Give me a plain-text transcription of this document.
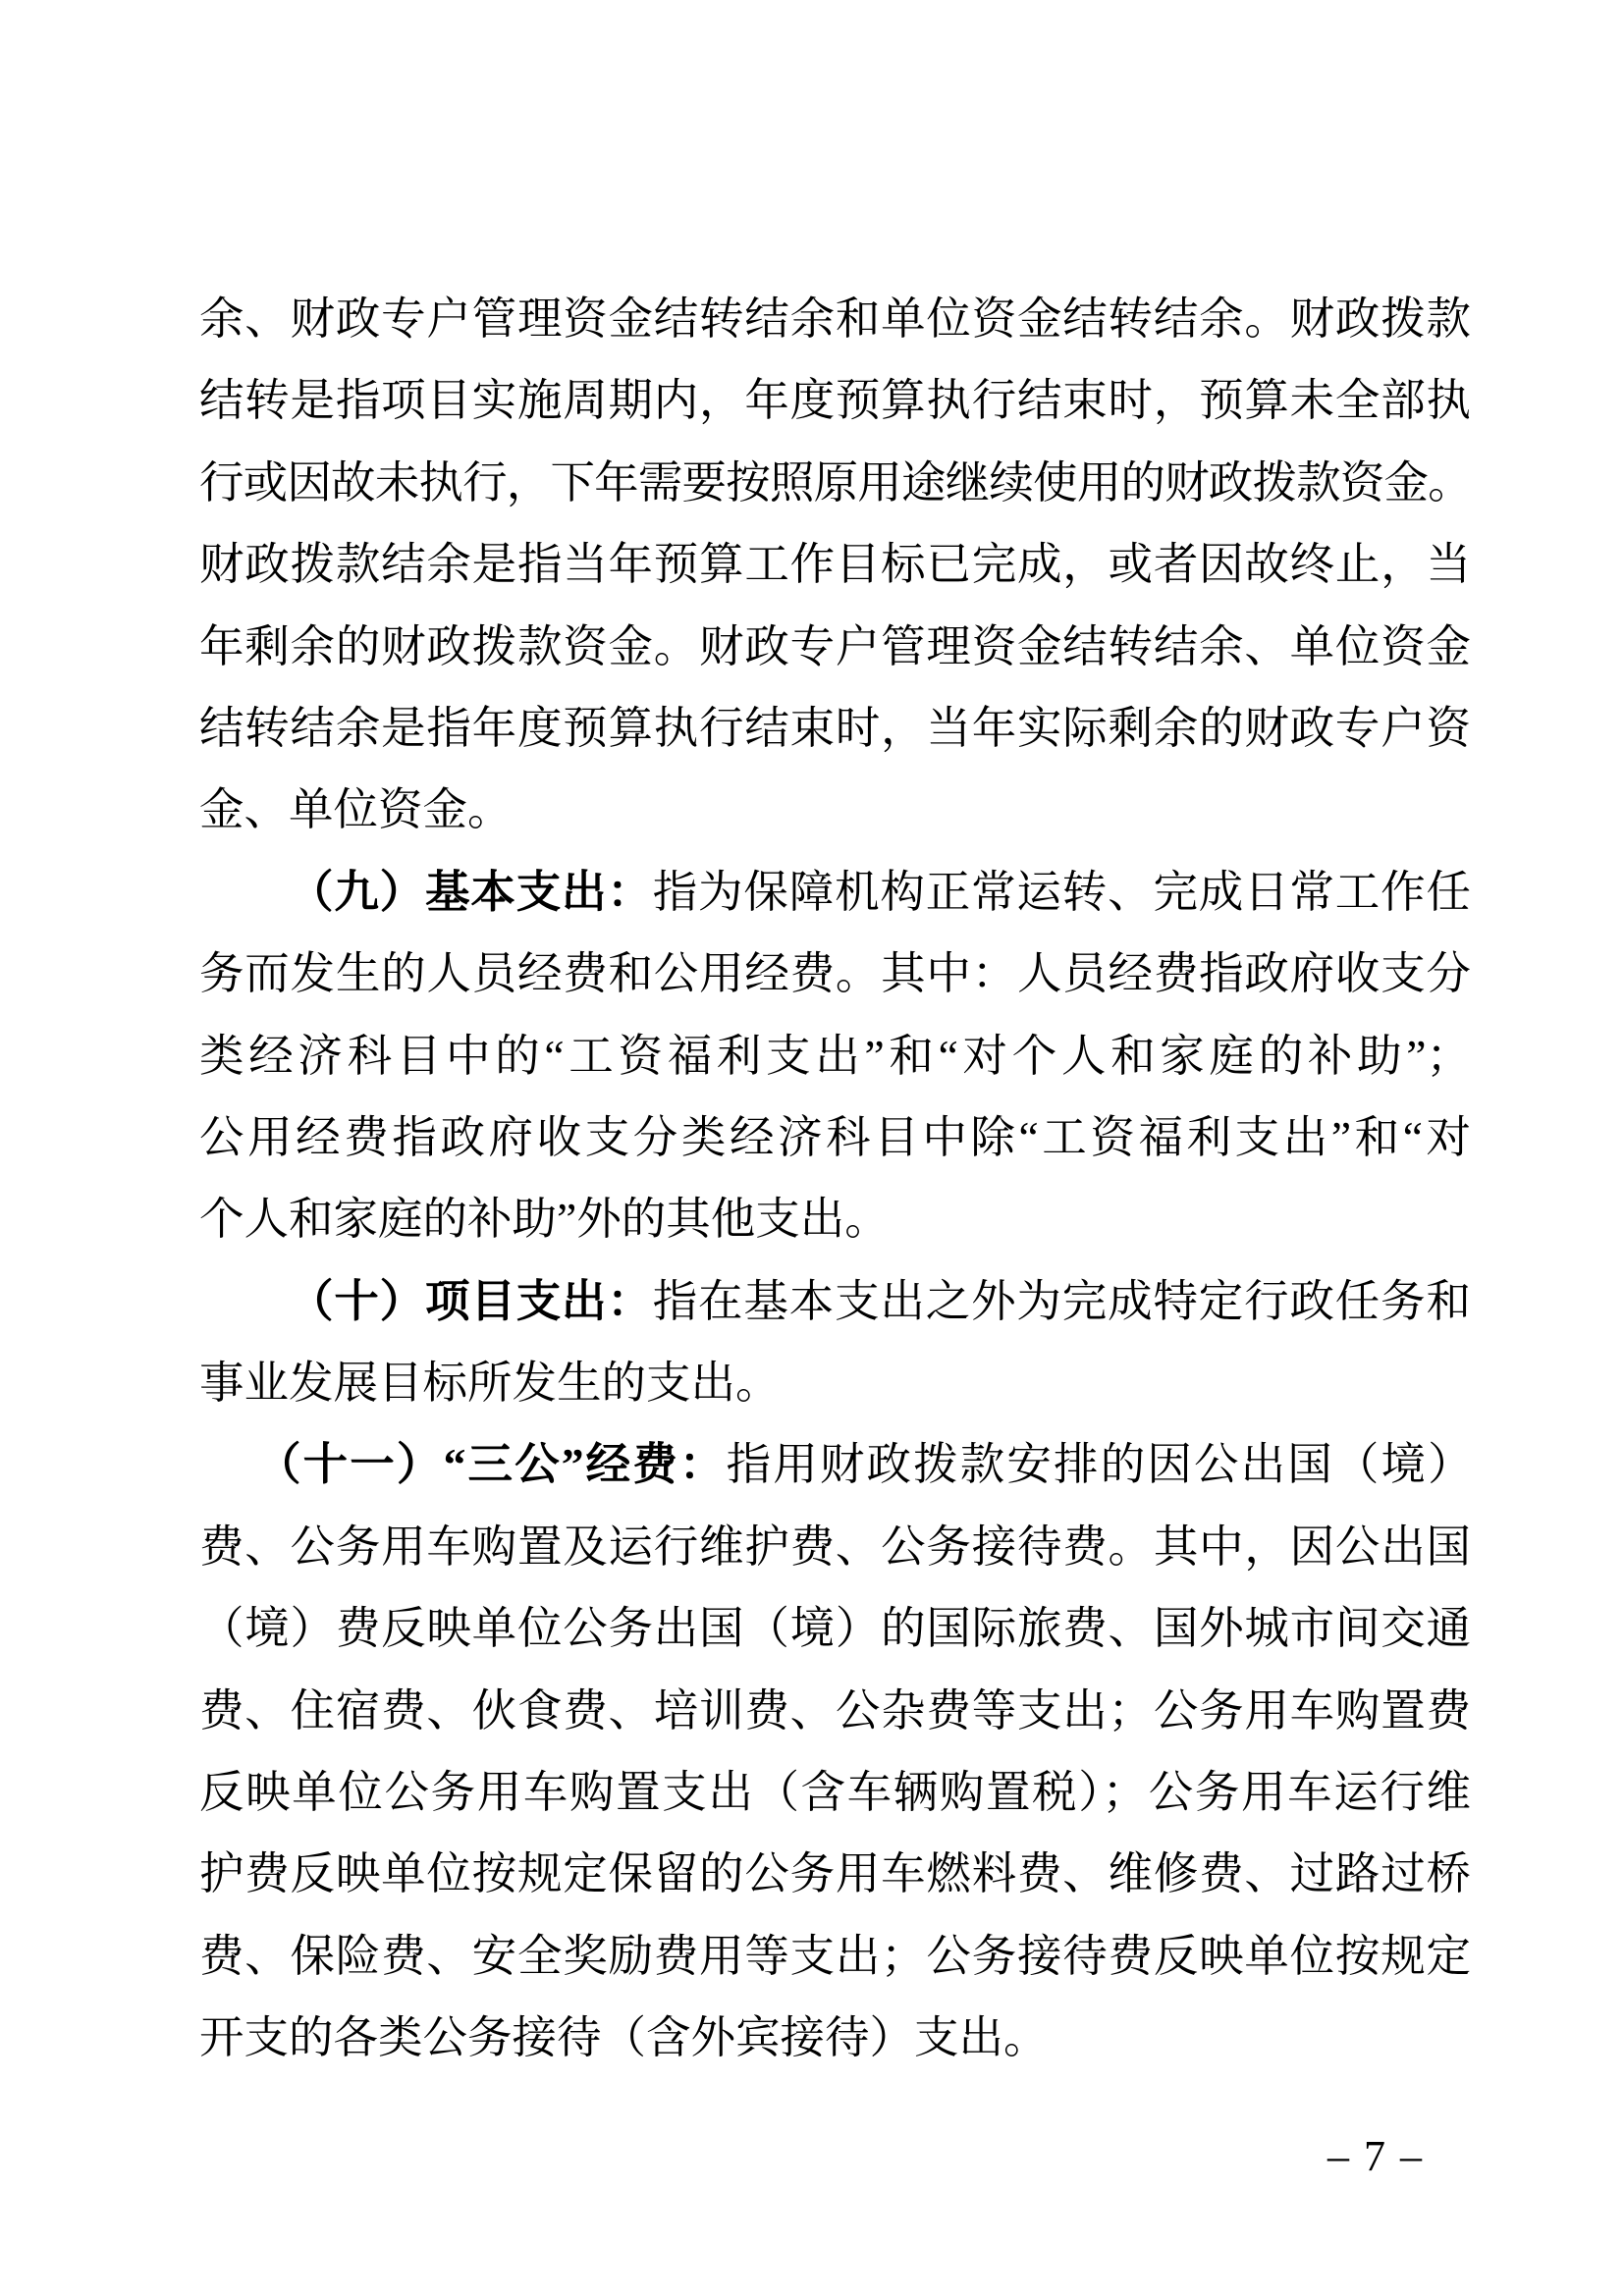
余、财政专户管理资金结转结余和单位资金结转结余。财政拨款
结转是指项目实施周期内，年度预算执行结束时，预算未全部执
行或因故未执行，下年需要按照原用途继续使用的财政拨款资金。
财政拨款结余是指当年预算工作目标已完成，或者因故终止，当
年剩余的财政拨款资金。财政专户管理资金结转结余、单位资金
结转结余是指年度预算执行结束时，当年实际剩余的财政专户资
金、单位资金。
（九）基本支出：指为保障机构正常运转、完成日常工作任
务而发生的人员经费和公用经费。其中：人员经费指政府收支分
类经济科目中的“工资福利支出”和“对个人和家庭的补助”；
公用经费指政府收支分类经济科目中除“工资福利支出”和“对
个人和家庭的补助”外的其他支出。
（十）项目支出：指在基本支出之外为完成特定行政任务和
事业发展目标所发生的支出。
（十一）“三公”经费：指用财政拨款安排的因公出国（境）
费、公务用车购置及运行维护费、公务接待费。其中，因公出国
（境）费反映单位公务出国（境）的国际旅费、国外城市间交通
费、住宿费、伙食费、培训费、公杂费等支出；公务用车购置费
反映单位公务用车购置支出（含车辆购置税）；公务用车运行维
护费反映单位按规定保留的公务用车燃料费、维修费、过路过桥
费、保险费、安全奖励费用等支出；公务接待费反映单位按规定
开支的各类公务接待（含外宾接待）支出。
– 7 –
